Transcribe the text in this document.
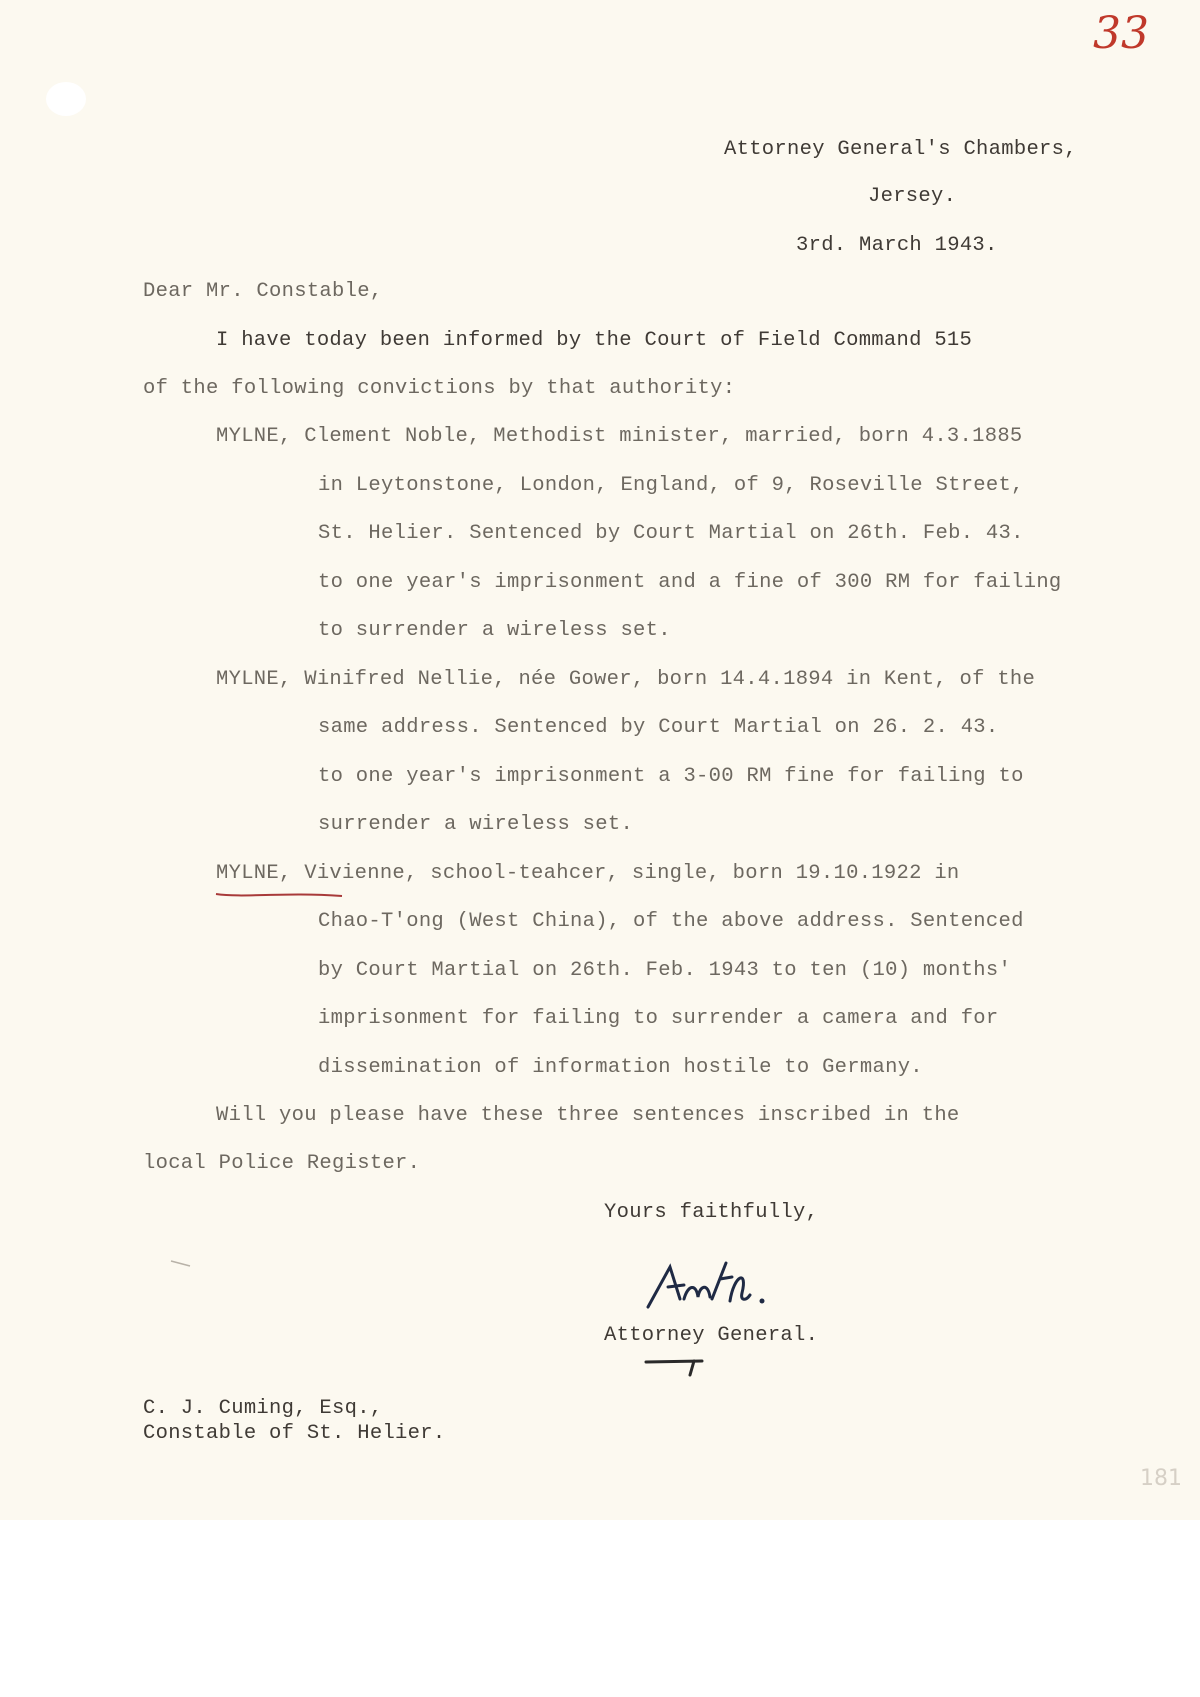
33
Attorney General's Chambers,
Jersey.
3rd. March 1943.
Dear Mr. Constable,
I have today been informed by the Court of Field Command 515
of the following convictions by that authority:
MYLNE, Clement Noble, Methodist minister, married, born 4.3.1885
in Leytonstone, London, England, of 9, Roseville Street,
St. Helier. Sentenced by Court Martial on 26th. Feb. 43.
to one year's imprisonment and a fine of 300 RM for failing
to surrender a wireless set.
MYLNE, Winifred Nellie, née Gower, born 14.4.1894 in Kent, of the
same address. Sentenced by Court Martial on 26. 2. 43.
to one year's imprisonment a 3-00 RM fine for failing to
surrender a wireless set.
MYLNE, Vivienne, school-teahcer, single, born 19.10.1922 in
Chao-T'ong (West China), of the above address. Sentenced
by Court Martial on 26th. Feb. 1943 to ten (10) months'
imprisonment for failing to surrender a camera and for
dissemination of information hostile to Germany.
Will you please have these three sentences inscribed in the
local Police Register.
Yours faithfully,
Attorney General.
C. J. Cuming, Esq.,
Constable of St. Helier.
181
